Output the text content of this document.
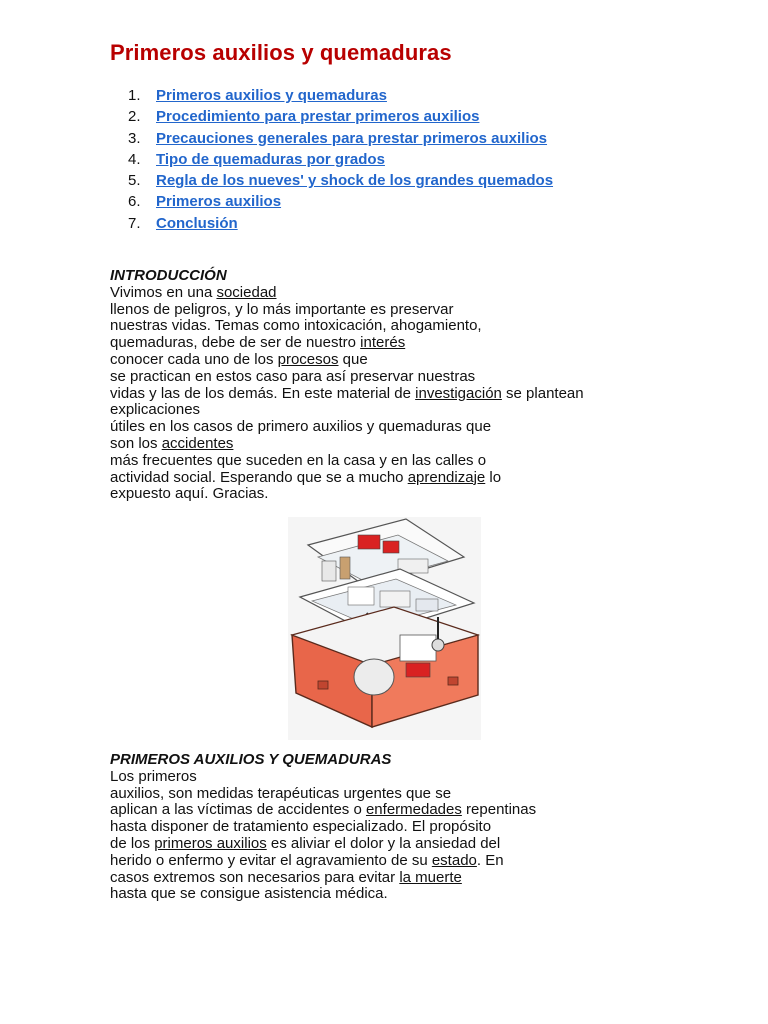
Primeros auxilios y quemaduras
1. Primeros auxilios y quemaduras
2. Procedimiento para prestar primeros auxilios
3. Precauciones generales para prestar primeros auxilios
4. Tipo de quemaduras por grados
5. Regla de los nueves' y shock de los grandes quemados
6. Primeros auxilios
7. Conclusión
INTRODUCCIÓN
Vivimos en una sociedad
llenos de peligros, y lo más importante es preservar
nuestras vidas. Temas como intoxicación, ahogamiento,
quemaduras, debe de ser de nuestro interés
conocer cada uno de los procesos que
se practican en estos caso para así preservar nuestras
vidas y las de los demás. En este material de investigación se plantean
explicaciones
útiles en los casos de primero auxilios y quemaduras que
son los accidentes
más frecuentes que suceden en la casa y en las calles o
actividad social. Esperando que se a mucho aprendizaje lo
expuesto aquí. Gracias.
PRIMEROS AUXILIOS Y QUEMADURAS
Los primeros
auxilios, son medidas terapéuticas urgentes que se
aplican a las víctimas de accidentes o enfermedades repentinas
hasta disponer de tratamiento especializado. El propósito
de los primeros auxilios es aliviar el dolor y la ansiedad del
herido o enfermo y evitar el agravamiento de su estado. En
casos extremos son necesarios para evitar la muerte
hasta que se consigue asistencia médica.
